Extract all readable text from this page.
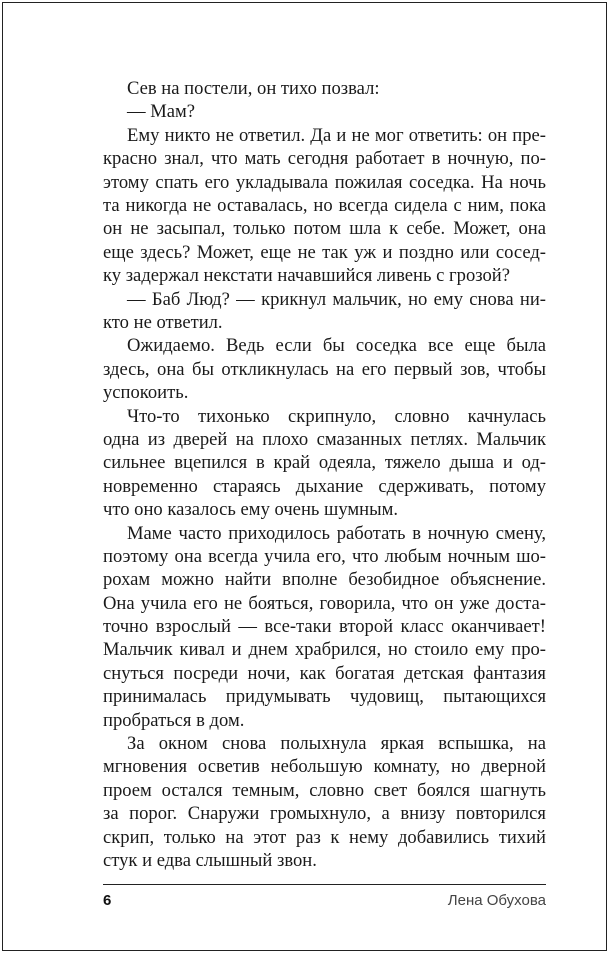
Сев на постели, он тихо позвал:
— Мам?
Ему никто не ответил. Да и не мог ответить: он пре-
красно знал, что мать сегодня работает в ночную, по-
этому спать его укладывала пожилая соседка. На ночь
та никогда не оставалась, но всегда сидела с ним, пока
он не засыпал, только потом шла к себе. Может, она
еще здесь? Может, еще не так уж и поздно или сосед-
ку задержал некстати начавшийся ливень с грозой?
— Баб Люд? — крикнул мальчик, но ему снова ни-
кто не ответил.
Ожидаемо. Ведь если бы соседка все еще была
здесь, она бы откликнулась на его первый зов, чтобы
успокоить.
Что-то тихонько скрипнуло, словно качнулась
одна из дверей на плохо смазанных петлях. Мальчик
сильнее вцепился в край одеяла, тяжело дыша и од-
новременно стараясь дыхание сдерживать, потому
что оно казалось ему очень шумным.
Маме часто приходилось работать в ночную смену,
поэтому она всегда учила его, что любым ночным шо-
рохам можно найти вполне безобидное объяснение.
Она учила его не бояться, говорила, что он уже доста-
точно взрослый — все-таки второй класс оканчивает!
Мальчик кивал и днем храбрился, но стоило ему про-
снуться посреди ночи, как богатая детская фантазия
принималась придумывать чудовищ, пытающихся
пробраться в дом.
За окном снова полыхнула яркая вспышка, на
мгновения осветив небольшую комнату, но дверной
проем остался темным, словно свет боялся шагнуть
за порог. Снаружи громыхнуло, а внизу повторился
скрип, только на этот раз к нему добавились тихий
стук и едва слышный звон.
6	Лена Обухова
